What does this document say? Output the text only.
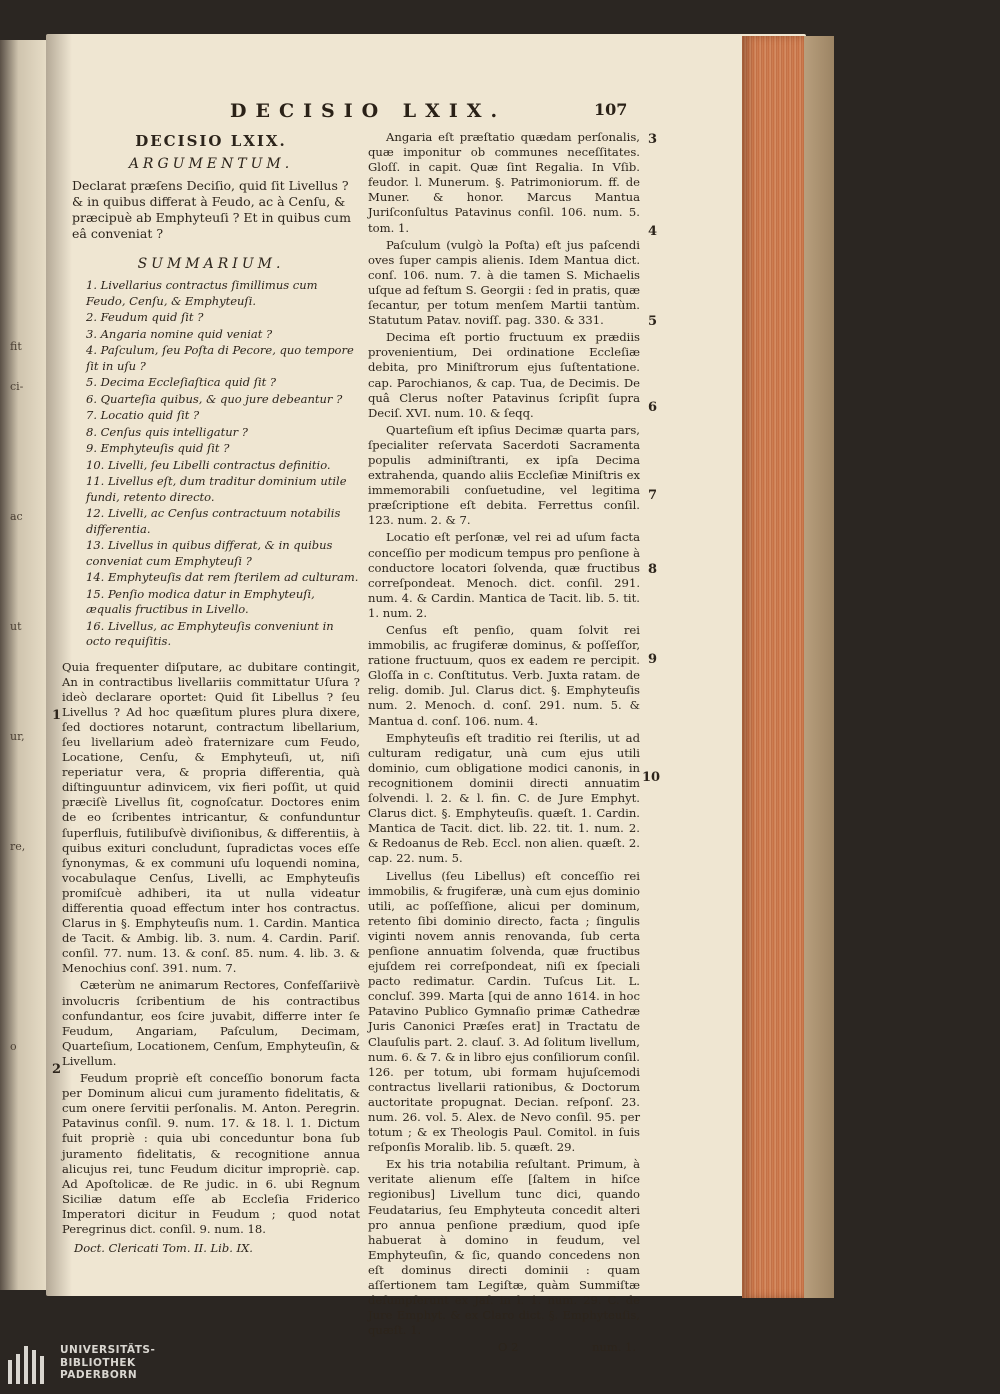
fit
ci-
ac
ut
ur,
re,
o
DECISIO LXIX.	107
DECISIO LXIX.
ARGUMENTUM.
Declarat præſens Deciſio, quid ſit Livellus ? & in quibus differat à Feudo, ac à Cenſu, & præcipuè ab Emphyteuſi ? Et in quibus cum eâ conveniat ?
SUMMARIUM.
1. Livellarius contractus ſimillimus cum Feudo, Cenſu, & Emphyteuſi.
2. Feudum quid ſit ?
3. Angaria nomine quid veniat ?
4. Paſculum, ſeu Poſta di Pecore, quo tempore ſit in uſu ?
5. Decima Eccleſiaſtica quid ſit ?
6. Quarteſia quibus, & quo jure debeantur ?
7. Locatio quid ſit ?
8. Cenſus quis intelligatur ?
9. Emphyteuſis quid ſit ?
10. Livelli, ſeu Libelli contractus definitio.
11. Livellus eſt, dum traditur dominium utile fundi, retento directo.
12. Livelli, ac Cenſus contractuum notabilis differentia.
13. Livellus in quibus differat, & in quibus conveniat cum Emphyteuſi ?
14. Emphyteuſis dat rem ſterilem ad culturam.
15. Penſio modica datur in Emphyteuſi, æqualis fructibus in Livello.
16. Livellus, ac Emphyteuſis conveniunt in octo requiſitis.

Quia frequenter diſputare, ac dubitare contingit, An in contractibus livellariis committatur Uſura ? ideò declarare oportet: Quid ſit Libellus ? ſeu Livellus ? Ad hoc quæſitum plures plura dixere, ſed doctiores notarunt, contractum libellarium, ſeu livellarium adeò fraternizare cum Feudo, Locatione, Cenſu, & Emphyteuſi, ut, niſi reperiatur vera, & propria differentia, quà diſtinguuntur adinvicem, vix fieri poſſit, ut quid præciſè Livellus ſit, cognoſcatur. Doctores enim de eo ſcribentes intricantur, & confunduntur ſuperfluis, futilibuſvè diviſionibus, & differentiis, à quibus exituri concludunt, ſupradictas voces eſſe ſynonymas, & ex communi uſu loquendi nomina, vocabulaque Cenſus, Livelli, ac Emphyteuſis promiſcuè adhiberi, ita ut nulla videatur differentia quoad effectum inter hos contractus. Clarus in §. Emphyteuſis num. 1. Cardin. Mantica de Tacit. & Ambig. lib. 3. num. 4. Cardin. Pariſ. conſil. 77. num. 13. & conſ. 85. num. 4. lib. 3. & Menochius conſ. 391. num. 7.

Cæterùm ne animarum Rectores, Confeſſariivè involucris ſcribentium de his contractibus confundantur, eos ſcire juvabit, differre inter ſe Feudum, Angariam, Paſculum, Decimam, Quarteſium, Locationem, Cenſum, Emphyteuſin, & Livellum.

Feudum propriè eſt conceſſio bonorum facta per Dominum alicui cum juramento fidelitatis, & cum onere ſervitii perſonalis. M. Anton. Peregrin. Patavinus conſil. 9. num. 17. & 18. l. 1. Dictum fuit propriè : quia ubi conceduntur bona ſub juramento fidelitatis, & recognitione annua alicujus rei, tunc Feudum dicitur impropriè. cap. Ad Apoſtolicæ. de Re judic. in 6. ubi Regnum Siciliæ datum eſſe ab Eccleſia Friderico Imperatori dicitur in Feudum ; quod notat Peregrinus dict. conſil. 9. num. 18.

Doct. Clericati Tom. II. Lib. IX.

Angaria eſt præſtatio quædam perſonalis, quæ imponitur ob communes neceſſitates. Gloſſ. in capit. Quæ ſint Regalia. In Vſib. feudor. l. Munerum. §. Patrimoniorum. ff. de Muner. & honor. Marcus Mantua Juriſconſultus Patavinus conſil. 106. num. 5. tom. 1.

Paſculum (vulgò la Poſta) eſt jus paſcendi oves ſuper campis alienis. Idem Mantua dict. conſ. 106. num. 7. à die tamen S. Michaelis uſque ad feſtum S. Georgii : ſed in pratis, quæ ſecantur, per totum menſem Martii tantùm. Statutum Patav. noviſſ. pag. 330. & 331.

Decima eſt portio fructuum ex prædiis provenientium, Dei ordinatione Eccleſiæ debita, pro Miniſtrorum ejus ſuſtentatione. cap. Parochianos, & cap. Tua, de Decimis. De quâ Clerus noſter Patavinus ſcripſit ſupra Deciſ. XVI. num. 10. & ſeqq.

Quarteſium eſt ipſius Decimæ quarta pars, ſpecialiter reſervata Sacerdoti Sacramenta populis adminiſtranti, ex ipſa Decima extrahenda, quando aliis Eccleſiæ Miniſtris ex immemorabili conſuetudine, vel legitima præſcriptione eſt debita. Ferrettus conſil. 123. num. 2. & 7.

Locatio eſt perſonæ, vel rei ad uſum facta conceſſio per modicum tempus pro penſione à conductore locatori ſolvenda, quæ fructibus correſpondeat. Menoch. dict. conſil. 291. num. 4. & Cardin. Mantica de Tacit. lib. 5. tit. 1. num. 2.

Cenſus eſt penſio, quam ſolvit rei immobilis, ac frugiferæ dominus, & poſſeſſor, ratione fructuum, quos ex eadem re percipit. Gloſſa in c. Conſtitutus. Verb. Juxta ratam. de relig. domib. Jul. Clarus dict. §. Emphyteuſis num. 2. Menoch. d. conſ. 291. num. 5. & Mantua d. conſ. 106. num. 4.

Emphyteuſis eſt traditio rei ſterilis, ut ad culturam redigatur, unà cum ejus utili dominio, cum obligatione modici canonis, in recognitionem dominii directi annuatim ſolvendi. l. 2. & l. fin. C. de Jure Emphyt. Clarus dict. §. Emphyteuſis. quæſt. 1. Cardin. Mantica de Tacit. dict. lib. 22. tit. 1. num. 2. & Redoanus de Reb. Eccl. non alien. quæſt. 2. cap. 22. num. 5.

Livellus (ſeu Libellus) eſt conceſſio rei immobilis, & frugiferæ, unà cum ejus dominio utili, ac poſſeſſione, alicui per dominum, retento ſibi dominio directo, facta ; ſingulis viginti novem annis renovanda, ſub certa penſione annuatim ſolvenda, quæ fructibus ejuſdem rei correſpondeat, niſi ex ſpeciali pacto redimatur. Cardin. Tuſcus Lit. L. concluſ. 399. Marta [qui de anno 1614. in hoc Patavino Publico Gymnaſio primæ Cathedræ Juris Canonici Præſes erat] in Tractatu de Clauſulis part. 2. clauſ. 3. Ad ſolitum livellum, num. 6. & 7. & in libro ejus conſiliorum conſil. 126. per totum, ubi formam hujuſcemodi contractus livellarii rationibus, & Doctorum auctoritate propugnat. Decian. reſponſ. 23. num. 26. vol. 5. Alex. de Nevo conſil. 95. per totum ; & ex Theologis Paul. Comitol. in ſuis reſponſis Moralib. lib. 5. quæſt. 29.

Ex his tria notabilia reſultant. Primum, à veritate alienum eſſe [ſaltem in hiſce regionibus] Livellum tunc dici, quando Feudatarius, ſeu Emphyteuta concedit alteri pro annua penſione prædium, quod ipſe habuerat à domino in feudum, vel Emphyteuſin, & ſic, quando concedens non eſt dominus directi dominii : quam aſſertionem tam Legiſtæ, quàm Summiſtæ deſumpſerunt ex Jaſ. in l. 1. num. 29. C. de Jure Emphyt. & ex Claro dict. §. Emphyteuſis, quæſt. 1.

O 2	num. 1.
1
2
3
4
5
6
7
8
9
10
UNIVERSITÄTS-
BIBLIOTHEK
PADERBORN
